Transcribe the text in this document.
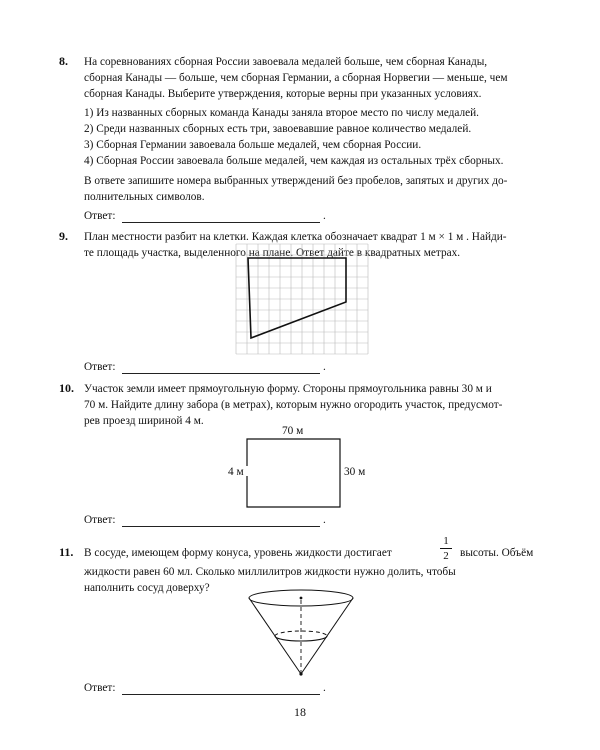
8. На соревнованиях сборная России завоевала медалей больше, чем сборная Канады,
сборная Канады — больше, чем сборная Германии, а сборная Норвегии — меньше, чем
сборная Канады. Выберите утверждения, которые верны при указанных условиях.
1) Из названных сборных команда Канады заняла второе место по числу медалей.
2) Среди названных сборных есть три, завоевавшие равное количество медалей.
3) Сборная Германии завоевала больше медалей, чем сборная России.
4) Сборная России завоевала больше медалей, чем каждая из остальных трёх сборных.
В ответе запишите номера выбранных утверждений без пробелов, запятых и других до-
полнительных символов.
Ответ:	.
9. План местности разбит на клетки. Каждая клетка обозначает квадрат 1 м × 1 м . Найди-
те площадь участка, выделенного на плане. Ответ дайте в квадратных метрах.
Ответ:	.
10. Участок земли имеет прямоугольную форму. Стороны прямоугольника равны 30 м и
70 м. Найдите длину забора (в метрах), которым нужно огородить участок, предусмот-
рев проезд шириной 4 м.
70 м
4 м	30 м
Ответ:	.
11. В сосуде, имеющем форму конуса, уровень жидкости достигает
1
2 высоты. Объём
жидкости равен 60 мл. Сколько миллилитров жидкости нужно долить, чтобы
наполнить сосуд доверху?
Ответ:	.
18
